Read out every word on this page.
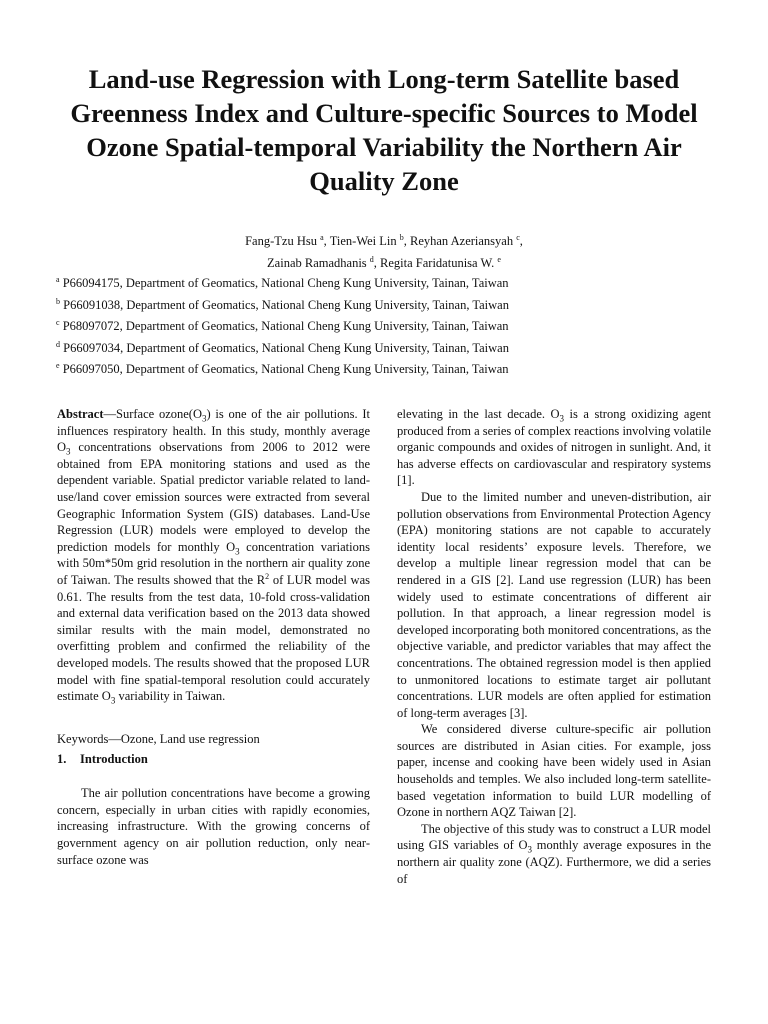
Land-use Regression with Long-term Satellite based Greenness Index and Culture-specific Sources to Model Ozone Spatial-temporal Variability the Northern Air Quality Zone
Fang-Tzu Hsu $^a$, Tien-Wei Lin $^b$, Reyhan Azeriansyah $^c$,
Zainab Ramadhanis $^d$, Regita Faridatunisa W. $^e$
$^a$ P66094175, Department of Geomatics, National Cheng Kung University, Tainan, Taiwan
$^b$ P66091038, Department of Geomatics, National Cheng Kung University, Tainan, Taiwan
$^c$ P68097072, Department of Geomatics, National Cheng Kung University, Tainan, Taiwan
$^d$ P66097034, Department of Geomatics, National Cheng Kung University, Tainan, Taiwan
$^e$ P66097050, Department of Geomatics, National Cheng Kung University, Tainan, Taiwan

Abstract—Surface $ozone(O_3)$ is one of the air pollutions. It influences respiratory health. In this study, monthly average $O_3$ concentrations observations from 2006 to 2012 were obtained from EPA monitoring stations and used as the dependent variable. Spatial predictor variable related to land-use/land cover emission sources were extracted from several Geographic Information System (GIS) databases. Land-Use Regression (LUR) models were employed to develop the prediction models for monthly $O_3$ concentration variations with 50m*50m grid resolution in the northern air quality zone of Taiwan. The results showed that the $R^2$ of LUR model was 0.61. The results from the test data, 10-fold cross-validation and external data verification based on the 2013 data showed similar results with the main model, demonstrated no overfitting problem and confirmed the reliability of the developed models. The results showed that the proposed LUR model with fine spatial-temporal resolution could accurately estimate $O_3$ variability in Taiwan.

Keywords—Ozone, Land use regression

1. Introduction

The air pollution concentrations have become a growing concern, especially in urban cities with rapidly economies, increasing infrastructure. With the growing concerns of government agency on air pollution reduction, only near-surface ozone was

elevating in the last decade. $O_3$ is a strong oxidizing agent produced from a series of complex reactions involving volatile organic compounds and oxides of nitrogen in sunlight. And, it has adverse effects on cardiovascular and respiratory systems [1].

Due to the limited number and uneven-distribution, air pollution observations from Environmental Protection Agency (EPA) monitoring stations are not capable to accurately identity local residents’ exposure levels. Therefore, we develop a multiple linear regression model that can be rendered in a GIS [2]. Land use regression (LUR) has been widely used to estimate concentrations of different air pollution. In that approach, a linear regression model is developed incorporating both monitored concentrations, as the objective variable, and predictor variables that may affect the concentrations. The obtained regression model is then applied to unmonitored locations to estimate target air pollutant concentrations. LUR models are often applied for estimation of long-term averages [3].

We considered diverse culture-specific air pollution sources are distributed in Asian cities. For example, joss paper, incense and cooking have been widely used in Asian households and temples. We also included long-term satellite-based vegetation information to build LUR modelling of Ozone in northern AQZ Taiwan [2].

The objective of this study was to construct a LUR model using GIS variables of $O_3$ monthly average exposures in the northern air quality zone (AQZ). Furthermore, we did a series of
